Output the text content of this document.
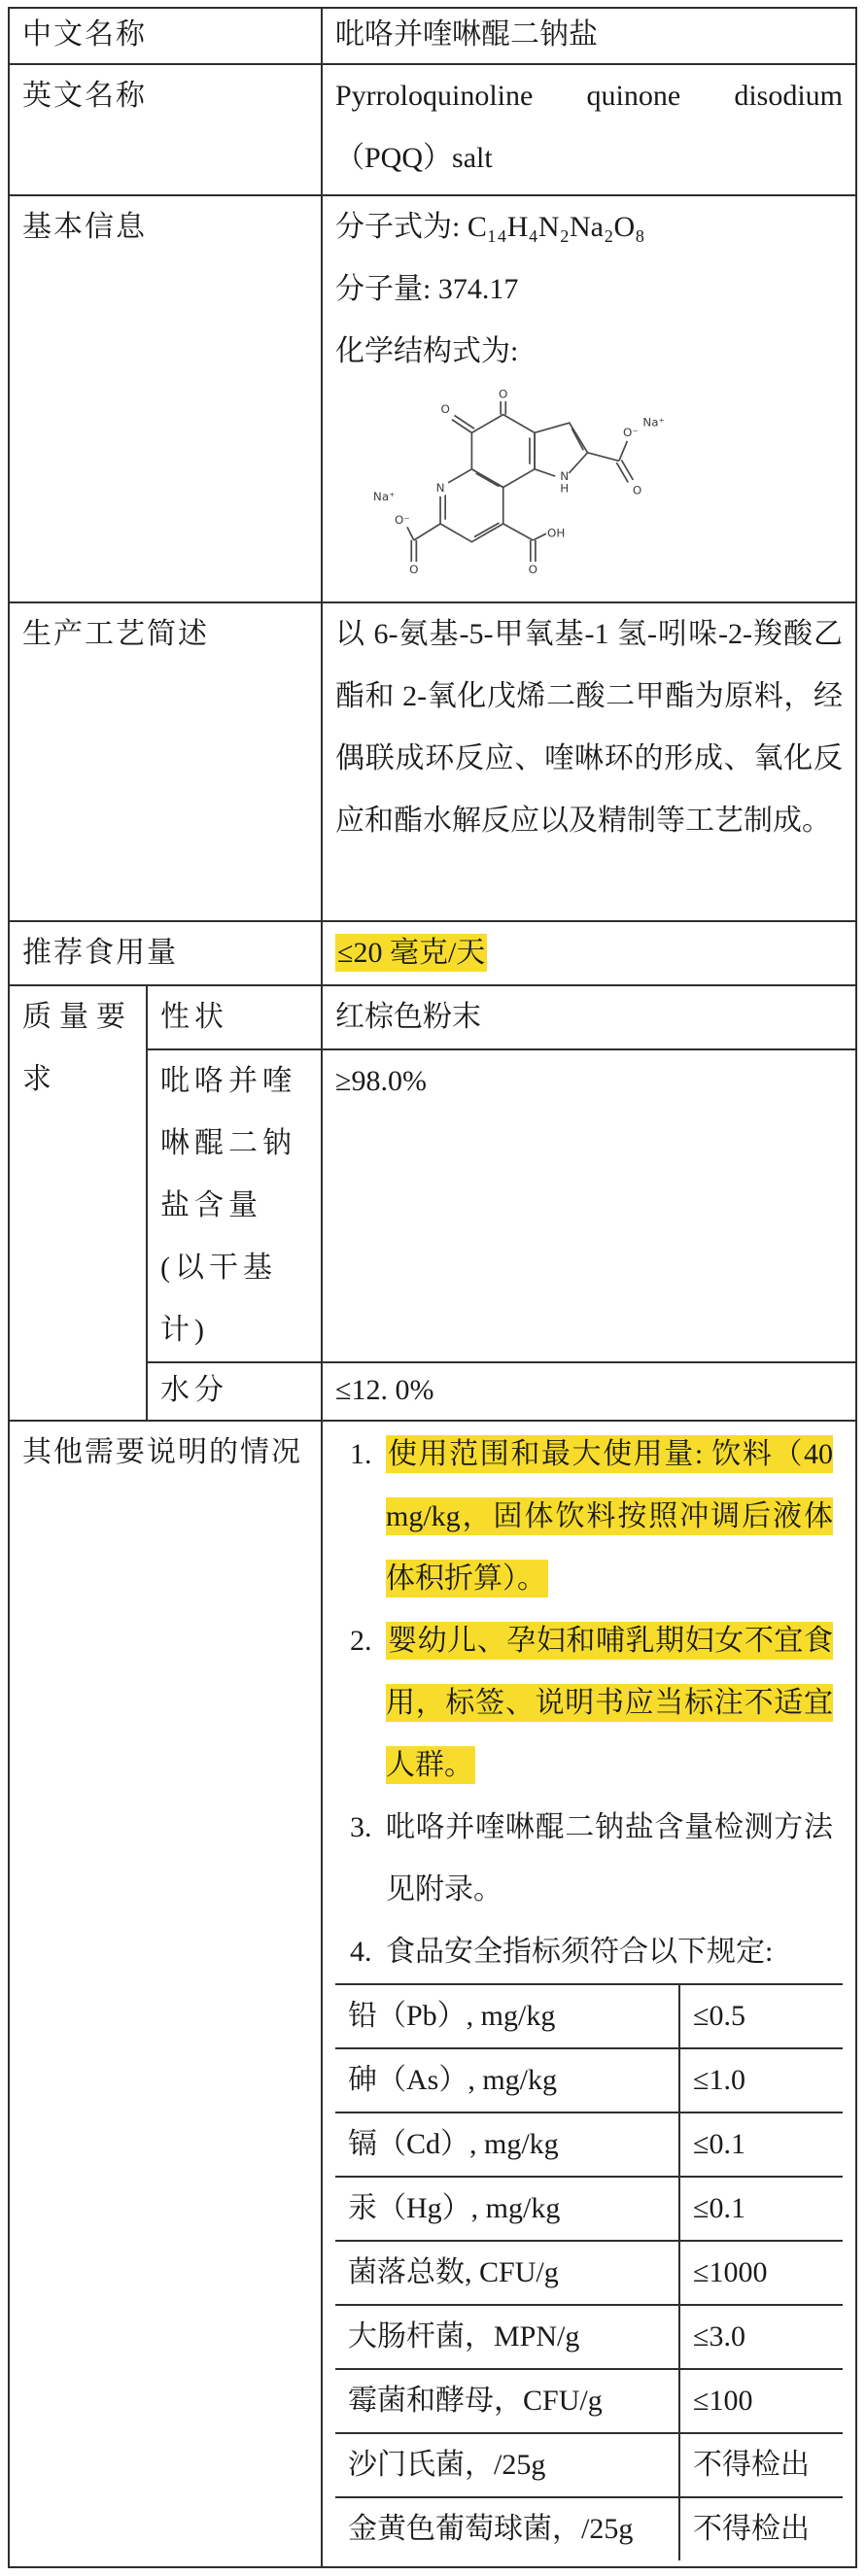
中文名称	吡咯并喹啉醌二钠盐
英文名称	Pyrroloquinoline quinone disodium （PQQ）salt
基本信息	分子式为: C₁₄H₄N₂Na₂O₈
分子量: 374.17
化学结构式为:
O
O
N
N
H
O⁻
O
OH
O
O⁻
O
Na⁺
Na⁺

生产工艺简述	以 6-氨基-5-甲氧基-1 氢-吲哚-2-羧酸乙酯和 2-氧化戊烯二酸二甲酯为原料，经偶联成环反应、喹啉环的形成、氧化反应和酯水解反应以及精制等工艺制成。
推荐食用量	≤20 毫克/天
质量要求	性状	红棕色粉末
吡咯并喹啉醌二钠盐含量(以干基计)	≥98.0%
水分	≤12. 0%
其他需要说明的情况	1. 使用范围和最大使用量: 饮料（40 mg/kg，固体饮料按照冲调后液体体积折算）。
2. 婴幼儿、孕妇和哺乳期妇女不宜食用，标签、说明书应当标注不适宜人群。
3. 吡咯并喹啉醌二钠盐含量检测方法见附录。
4. 食品安全指标须符合以下规定:
铅（Pb）, mg/kg	≤0.5
砷（As）, mg/kg	≤1.0
镉（Cd）, mg/kg	≤0.1
汞（Hg）, mg/kg	≤0.1
菌落总数, CFU/g	≤1000
大肠杆菌，MPN/g	≤3.0
霉菌和酵母，CFU/g	≤100
沙门氏菌，/25g	不得检出
金黄色葡萄球菌，/25g	不得检出
